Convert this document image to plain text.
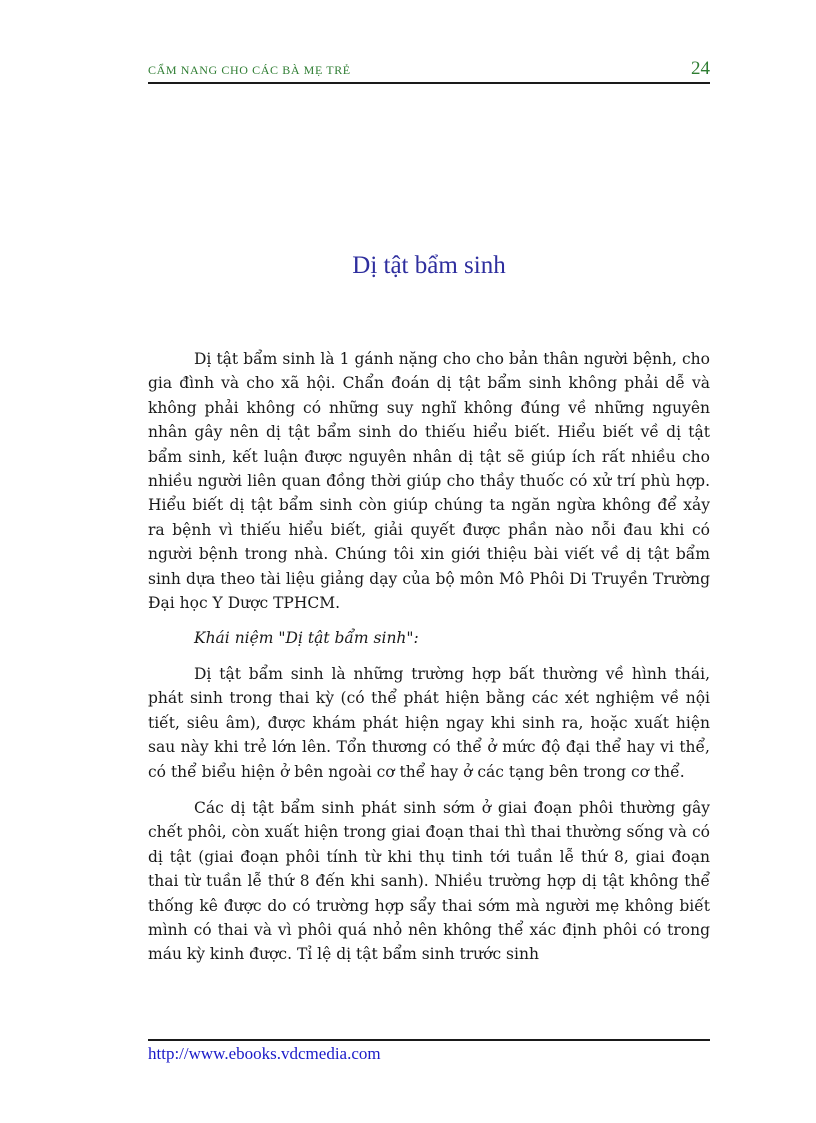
CẨM NANG CHO CÁC BÀ MẸ TRẺ	24
Dị tật bẩm sinh

Dị tật bẩm sinh là 1 gánh nặng cho cho bản thân người bệnh, cho gia đình và cho xã hội. Chẩn đoán dị tật bẩm sinh không phải dễ và không phải không có những suy nghĩ không đúng về những nguyên nhân gây nên dị tật bẩm sinh do thiếu hiểu biết. Hiểu biết về dị tật bẩm sinh, kết luận được nguyên nhân dị tật sẽ giúp ích rất nhiều cho nhiều người liên quan đồng thời giúp cho thầy thuốc có xử trí phù hợp. Hiểu biết dị tật bẩm sinh còn giúp chúng ta ngăn ngừa không để xảy ra bệnh vì thiếu hiểu biết, giải quyết được phần nào nỗi đau khi có người bệnh trong nhà. Chúng tôi xin giới thiệu bài viết về dị tật bẩm sinh dựa theo tài liệu giảng dạy của bộ môn Mô Phôi Di Truyền Trường Đại học Y Dược TPHCM.

Khái niệm "Dị tật bẩm sinh":

Dị tật bẩm sinh là những trường hợp bất thường về hình thái, phát sinh trong thai kỳ (có thể phát hiện bằng các xét nghiệm về nội tiết, siêu âm), được khám phát hiện ngay khi sinh ra, hoặc xuất hiện sau này khi trẻ lớn lên. Tổn thương có thể ở mức độ đại thể hay vi thể, có thể biểu hiện ở bên ngoài cơ thể hay ở các tạng bên trong cơ thể.

Các dị tật bẩm sinh phát sinh sớm ở giai đoạn phôi thường gây chết phôi, còn xuất hiện trong giai đoạn thai thì thai thường sống và có dị tật (giai đoạn phôi tính từ khi thụ tinh tới tuần lễ thứ 8, giai đoạn thai từ tuần lễ thứ 8 đến khi sanh). Nhiều trường hợp dị tật không thể thống kê được do có trường hợp sẩy thai sớm mà người mẹ không biết mình có thai và vì phôi quá nhỏ nên không thể xác định phôi có trong máu kỳ kinh được. Tỉ lệ dị tật bẩm sinh trước sinh

http://www.ebooks.vdcmedia.com
